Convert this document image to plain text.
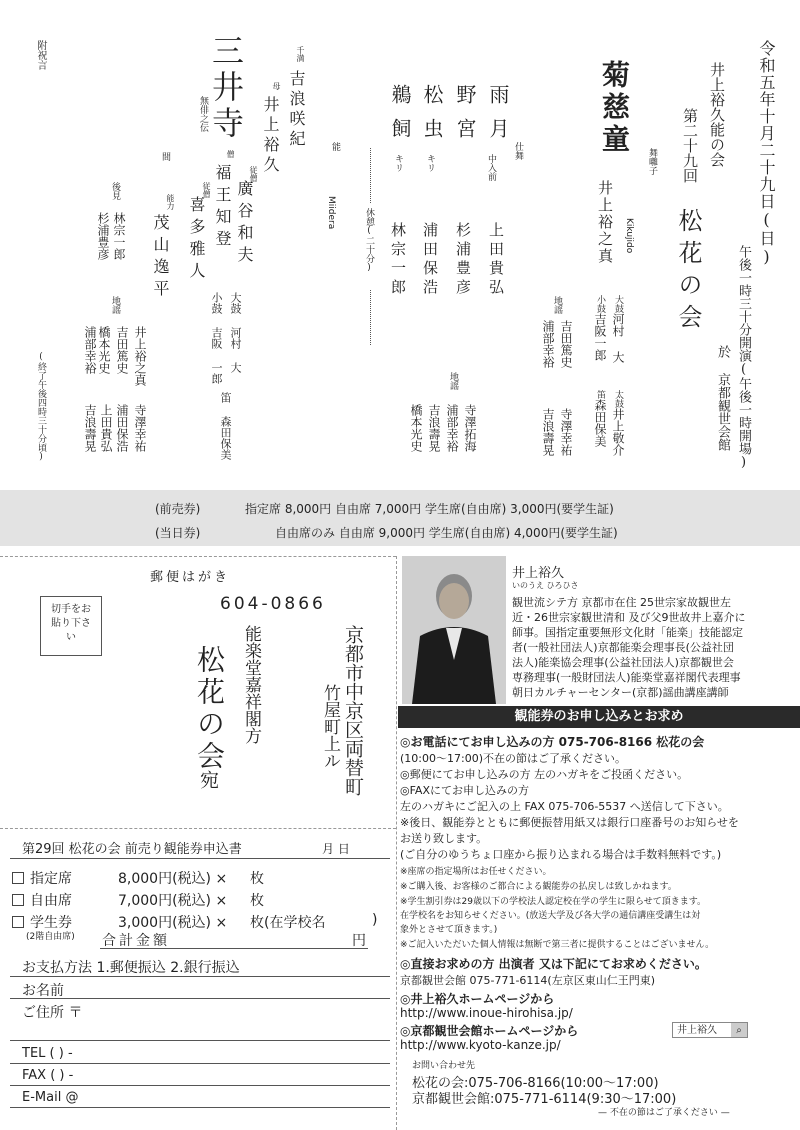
令和五年十月二十九日(日)
午後一時三十分開演(午後一時開場)
於 京都観世会館
井上裕久能の会
第二十九回
松花の会
菊慈童
舞囃子
Kikujido
井上裕之真
太鼓井上敬介
大鼓河村 大
小鼓吉阪一郎
笛森田保美
地謡
吉田篤史
浦部幸裕
寺澤幸祐
吉浪壽晃
仕舞
雨月
中入前
上田貴弘
野宮
杉浦豊彦
松虫
キリ
浦田保浩
鵜飼
キリ
林宗一郎
地謡
寺澤拓海
浦部幸裕
吉浪壽晃
橋本光史
休憩(二十分)
能
Miidera
千満
吉浪咲紀
母
井上裕久
三井寺
無俳之伝
従僧
廣谷和夫
僧
福王知登
従僧
喜多雅人
間
能力
茂山逸平
大鼓 河村 大
小鼓 吉阪 一郎
笛 森田保美
後見
林宗一郎
杉浦豊彦
地謡
井上裕之真
吉田篤史
浦部幸裕
寺澤幸祐
浦田保浩
橋本光史
上田貴弘
吉浪壽晃
附祝言
(終了午後四時三十分頃)
(前売券)	指定席 8,000円 自由席 7,000円 学生席(自由席) 3,000円(要学生証)
(当日券)	自由席のみ 自由席 9,000円 学生席(自由席) 4,000円(要学生証)
郵便はがき
切手をお貼り下さい
604-0866
京都市中京区両替町
竹屋町上ル
能楽堂嘉祥閣方
松花の会
宛
第29回 松花の会 前売り観能券申込書	月 日
指定席	8,000円(税込) × 枚
自由席	7,000円(税込) × 枚
学生券	3,000円(税込) × 枚(在学校名	)
(2階自由席) 合計金額	円
お支払方法 1.郵便振込 2.銀行振込
お名前
ご住所 〒
TEL ( ) -
FAX ( ) -
E-Mail @
井上裕久
いのうえ ひろひさ
観世流シテ方 京都市在住 25世宗家故観世左
近・26世宗家観世清和 及び父9世故井上嘉介に
師事。国指定重要無形文化財「能楽」技能認定
者(一般社団法人)京都能楽会理事長(公益社団
法人)能楽協会理事(公益社団法人)京都観世会
専務理事(一般財団法人)能楽堂嘉祥閣代表理事
朝日カルチャーセンター(京都)謡曲講座講師
観能券のお申し込みとお求め
◎お電話にてお申し込みの方 075-706-8166 松花の会
(10:00〜17:00)不在の節はご了承ください。
◎郵便にてお申し込みの方 左のハガキをご投函ください。
◎FAXにてお申し込みの方
左のハガキにご記入の上 FAX 075-706-5537 へ送信して下さい。
※後日、観能券とともに郵便振替用紙又は銀行口座番号のお知らせを
お送り致します。
(ご自分のゆうちょ口座から振り込まれる場合は手数料無料です。)
※座席の指定場所はお任せください。
※ご購入後、お客様のご都合による観能券の払戻しは致しかねます。
※学生割引券は29歳以下の学校法人認定校在学の学生に限らせて頂きます。
在学校名をお知らせください。(放送大学及び各大学の通信講座受講生は対
象外とさせて頂きます。)
※ご記入いただいた個人情報は無断で第三者に提供することはございません。
◎直接お求めの方 出演者 又は下記にてお求めください。
京都観世会館 075-771-6114(左京区東山仁王門東)
◎井上裕久ホームページから
http://www.inoue-hirohisa.jp/
◎京都観世会館ホームページから
http://www.kyoto-kanze.jp/
井上裕久	⌕
お問い合わせ先
松花の会:075-706-8166(10:00〜17:00)
京都観世会館:075-771-6114(9:30〜17:00)
— 不在の節はご了承ください —
